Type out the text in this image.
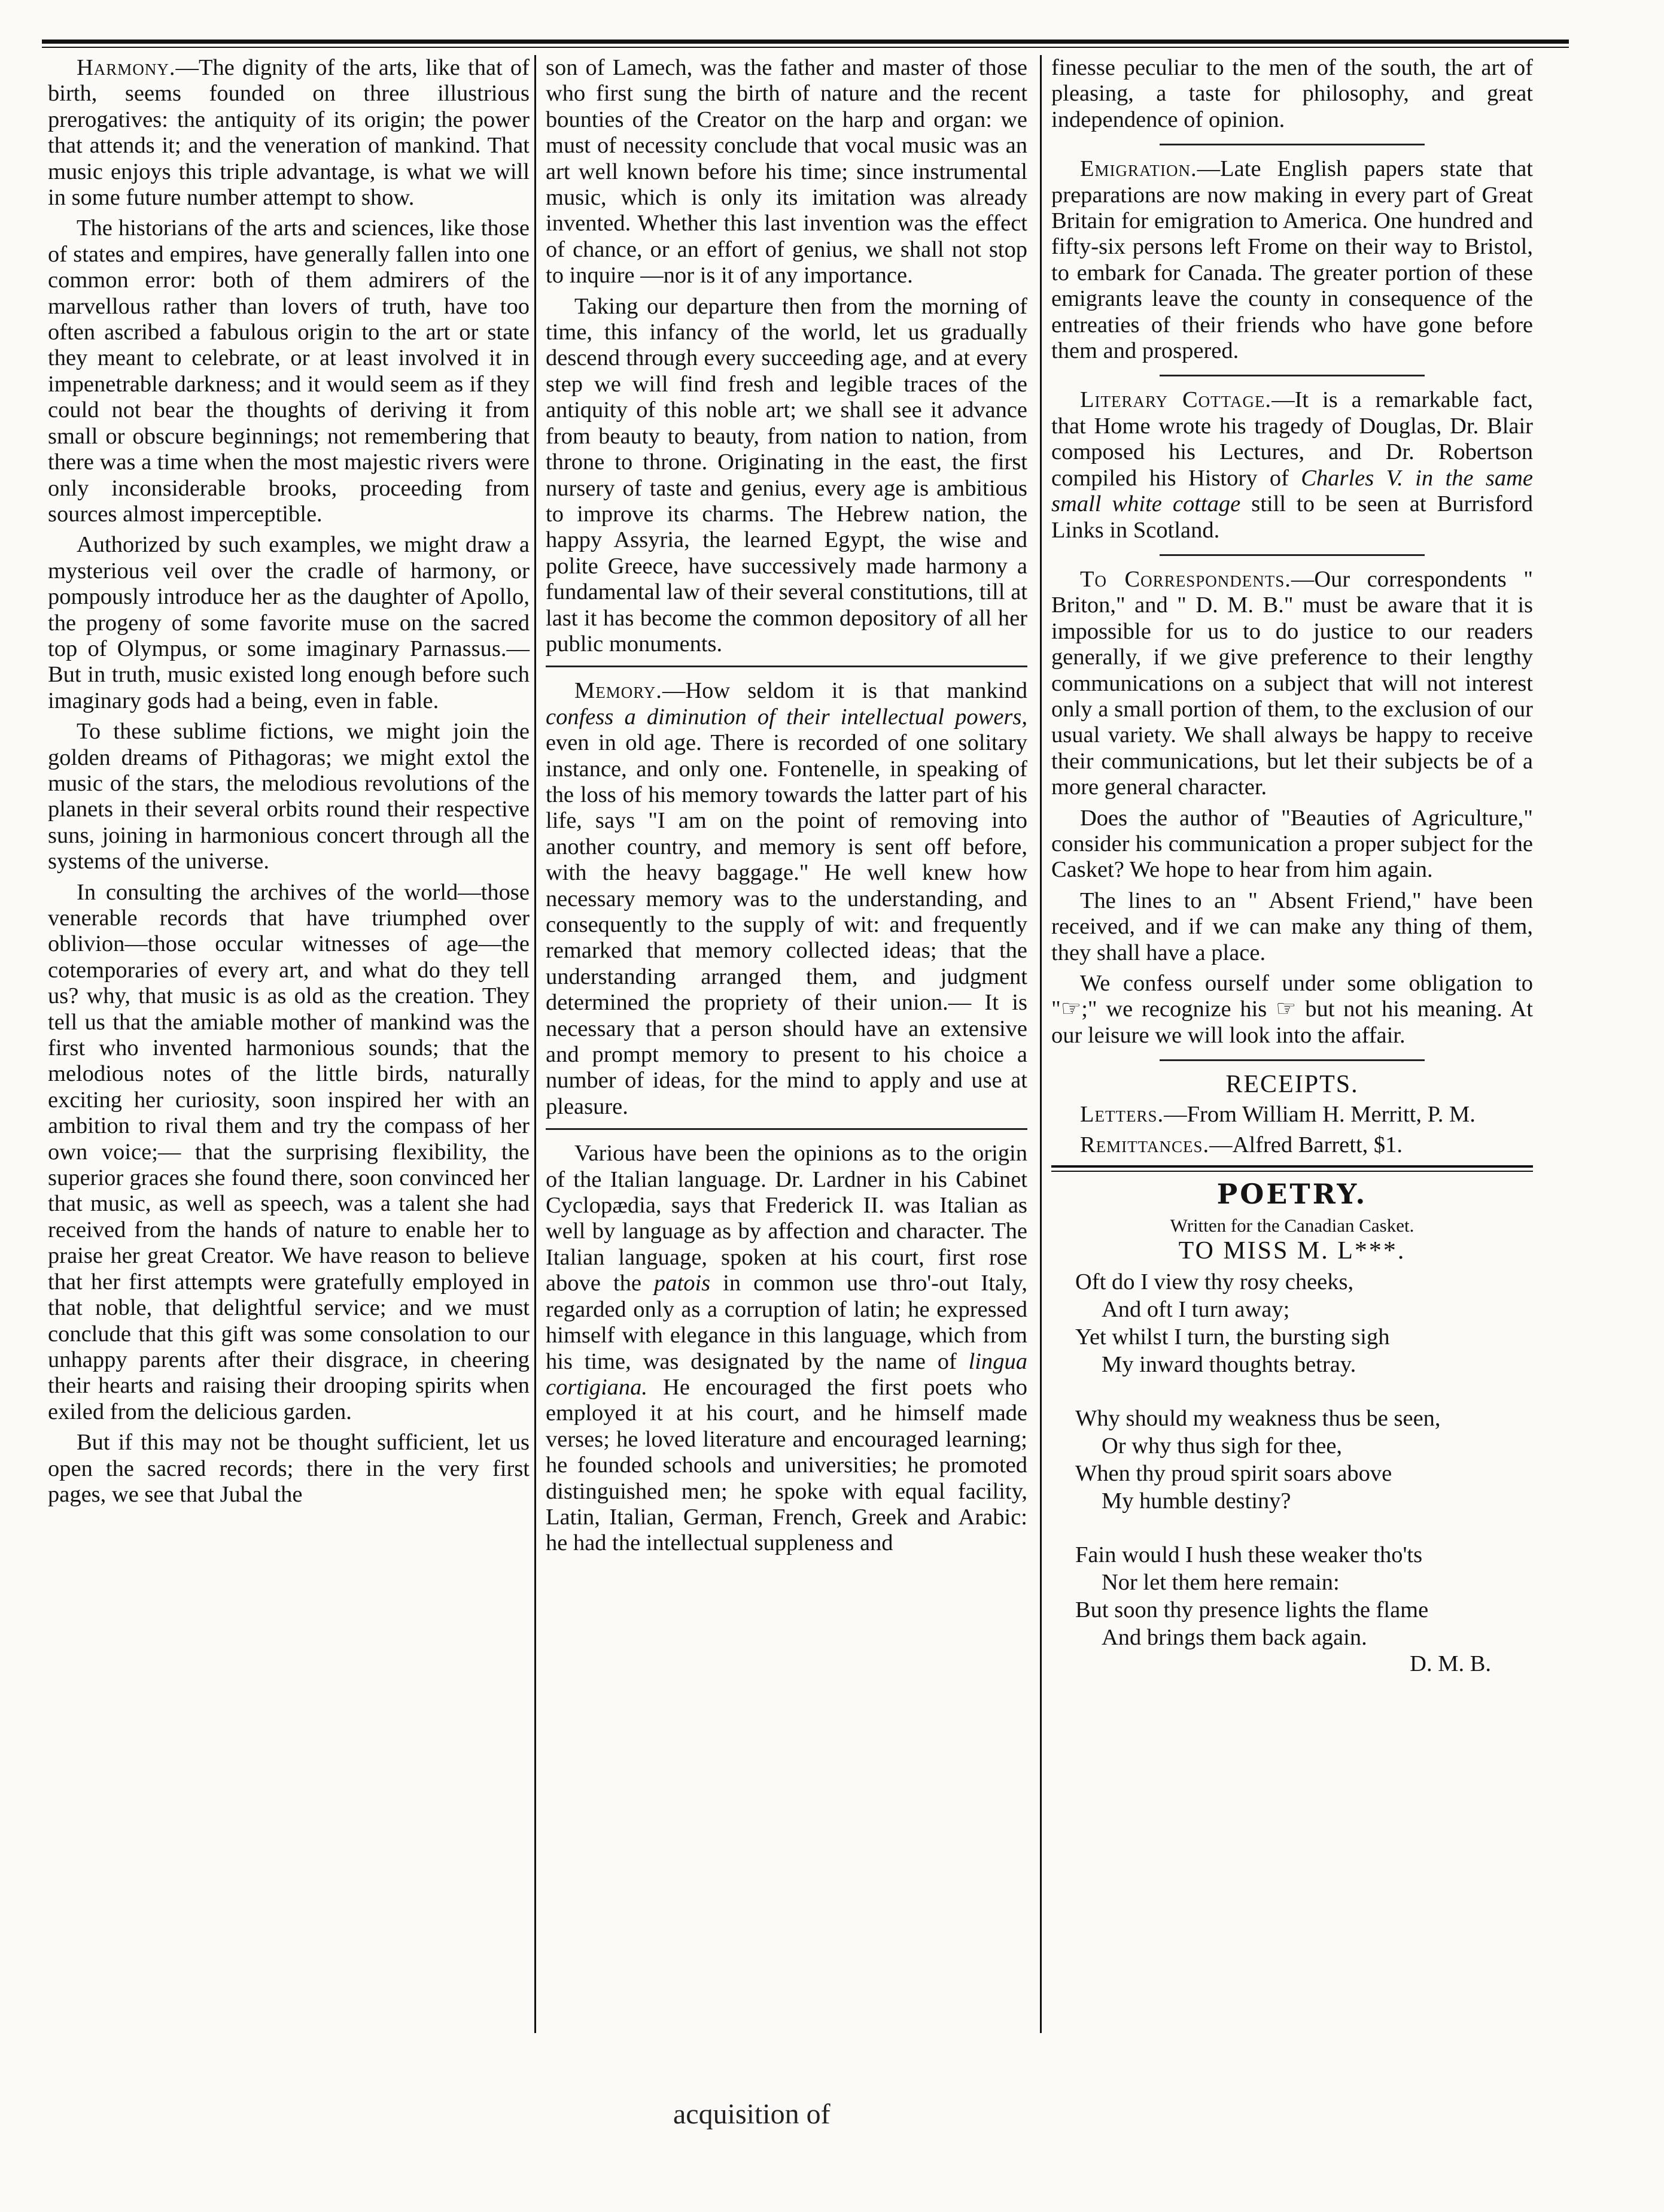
Harmony.—The dignity of the arts, like that of birth, seems founded on three illustrious prerogatives: the antiquity of its origin; the power that attends it; and the veneration of mankind. That music enjoys this triple advantage, is what we will in some future number attempt to show.

The historians of the arts and sciences, like those of states and empires, have generally fallen into one common error: both of them admirers of the marvellous rather than lovers of truth, have too often ascribed a fabulous origin to the art or state they meant to celebrate, or at least involved it in impenetrable darkness; and it would seem as if they could not bear the thoughts of deriving it from small or obscure beginnings; not remembering that there was a time when the most majestic rivers were only inconsiderable brooks, proceeding from sources almost imperceptible.

Authorized by such examples, we might draw a mysterious veil over the cradle of harmony, or pompously introduce her as the daughter of Apollo, the progeny of some favorite muse on the sacred top of Olympus, or some imaginary Parnassus.— But in truth, music existed long enough before such imaginary gods had a being, even in fable.

To these sublime fictions, we might join the golden dreams of Pithagoras; we might extol the music of the stars, the melodious revolutions of the planets in their several orbits round their respective suns, joining in harmonious concert through all the systems of the universe.

In consulting the archives of the world—those venerable records that have triumphed over oblivion—those occular witnesses of age—the cotemporaries of every art, and what do they tell us? why, that music is as old as the creation. They tell us that the amiable mother of mankind was the first who invented harmonious sounds; that the melodious notes of the little birds, naturally exciting her curiosity, soon inspired her with an ambition to rival them and try the compass of her own voice;— that the surprising flexibility, the superior graces she found there, soon convinced her that music, as well as speech, was a talent she had received from the hands of nature to enable her to praise her great Creator. We have reason to believe that her first attempts were gratefully employed in that noble, that delightful service; and we must conclude that this gift was some consolation to our unhappy parents after their disgrace, in cheering their hearts and raising their drooping spirits when exiled from the delicious garden.

But if this may not be thought sufficient, let us open the sacred records; there in the very first pages, we see that Jubal the

son of Lamech, was the father and master of those who first sung the birth of nature and the recent bounties of the Creator on the harp and organ: we must of necessity conclude that vocal music was an art well known before his time; since instrumental music, which is only its imitation was already invented. Whether this last invention was the effect of chance, or an effort of genius, we shall not stop to inquire —nor is it of any importance.

Taking our departure then from the morning of time, this infancy of the world, let us gradually descend through every succeeding age, and at every step we will find fresh and legible traces of the antiquity of this noble art; we shall see it advance from beauty to beauty, from nation to nation, from throne to throne. Originating in the east, the first nursery of taste and genius, every age is ambitious to improve its charms. The Hebrew nation, the happy Assyria, the learned Egypt, the wise and polite Greece, have successively made harmony a fundamental law of their several constitutions, till at last it has become the common depository of all her public monuments.

Memory.—How seldom it is that mankind confess a diminution of their intellectual powers, even in old age. There is recorded of one solitary instance, and only one. Fontenelle, in speaking of the loss of his memory towards the latter part of his life, says "I am on the point of removing into another country, and memory is sent off before, with the heavy baggage." He well knew how necessary memory was to the understanding, and consequently to the supply of wit: and frequently remarked that memory collected ideas; that the understanding arranged them, and judgment determined the propriety of their union.— It is necessary that a person should have an extensive and prompt memory to present to his choice a number of ideas, for the mind to apply and use at pleasure.

Various have been the opinions as to the origin of the Italian language. Dr. Lardner in his Cabinet Cyclopædia, says that Frederick II. was Italian as well by language as by affection and character. The Italian language, spoken at his court, first rose above the patois in common use thro'-out Italy, regarded only as a corruption of latin; he expressed himself with elegance in this language, which from his time, was designated by the name of lingua cortigiana. He encouraged the first poets who employed it at his court, and he himself made verses; he loved literature and encouraged learning; he founded schools and universities; he promoted distinguished men; he spoke with equal facility, Latin, Italian, German, French, Greek and Arabic: he had the intellectual suppleness and

finesse peculiar to the men of the south, the art of pleasing, a taste for philosophy, and great independence of opinion.

Emigration.—Late English papers state that preparations are now making in every part of Great Britain for emigration to America. One hundred and fifty-six persons left Frome on their way to Bristol, to embark for Canada. The greater portion of these emigrants leave the county in consequence of the entreaties of their friends who have gone before them and prospered.

Literary Cottage.—It is a remarkable fact, that Home wrote his tragedy of Douglas, Dr. Blair composed his Lectures, and Dr. Robertson compiled his History of Charles V. in the same small white cottage still to be seen at Burrisford Links in Scotland.

To Correspondents.—Our correspondents " Briton," and " D. M. B." must be aware that it is impossible for us to do justice to our readers generally, if we give preference to their lengthy communications on a subject that will not interest only a small portion of them, to the exclusion of our usual variety. We shall always be happy to receive their communications, but let their subjects be of a more general character.

Does the author of "Beauties of Agriculture," consider his communication a proper subject for the Casket? We hope to hear from him again.

The lines to an " Absent Friend," have been received, and if we can make any thing of them, they shall have a place.

We confess ourself under some obligation to "☞;" we recognize his ☞ but not his meaning. At our leisure we will look into the affair.

RECEIPTS.

Letters.—From William H. Merritt, P. M.

Remittances.—Alfred Barrett, $1.

POETRY.
Written for the Canadian Casket.
TO MISS M. L***.
Oft do I view thy rosy cheeks,
And oft I turn away;
Yet whilst I turn, the bursting sigh
My inward thoughts betray.
Why should my weakness thus be seen,
Or why thus sigh for thee,
When thy proud spirit soars above
My humble destiny?
Fain would I hush these weaker tho'ts
Nor let them here remain:
But soon thy presence lights the flame
And brings them back again.
D. M. B.
acquisition of
